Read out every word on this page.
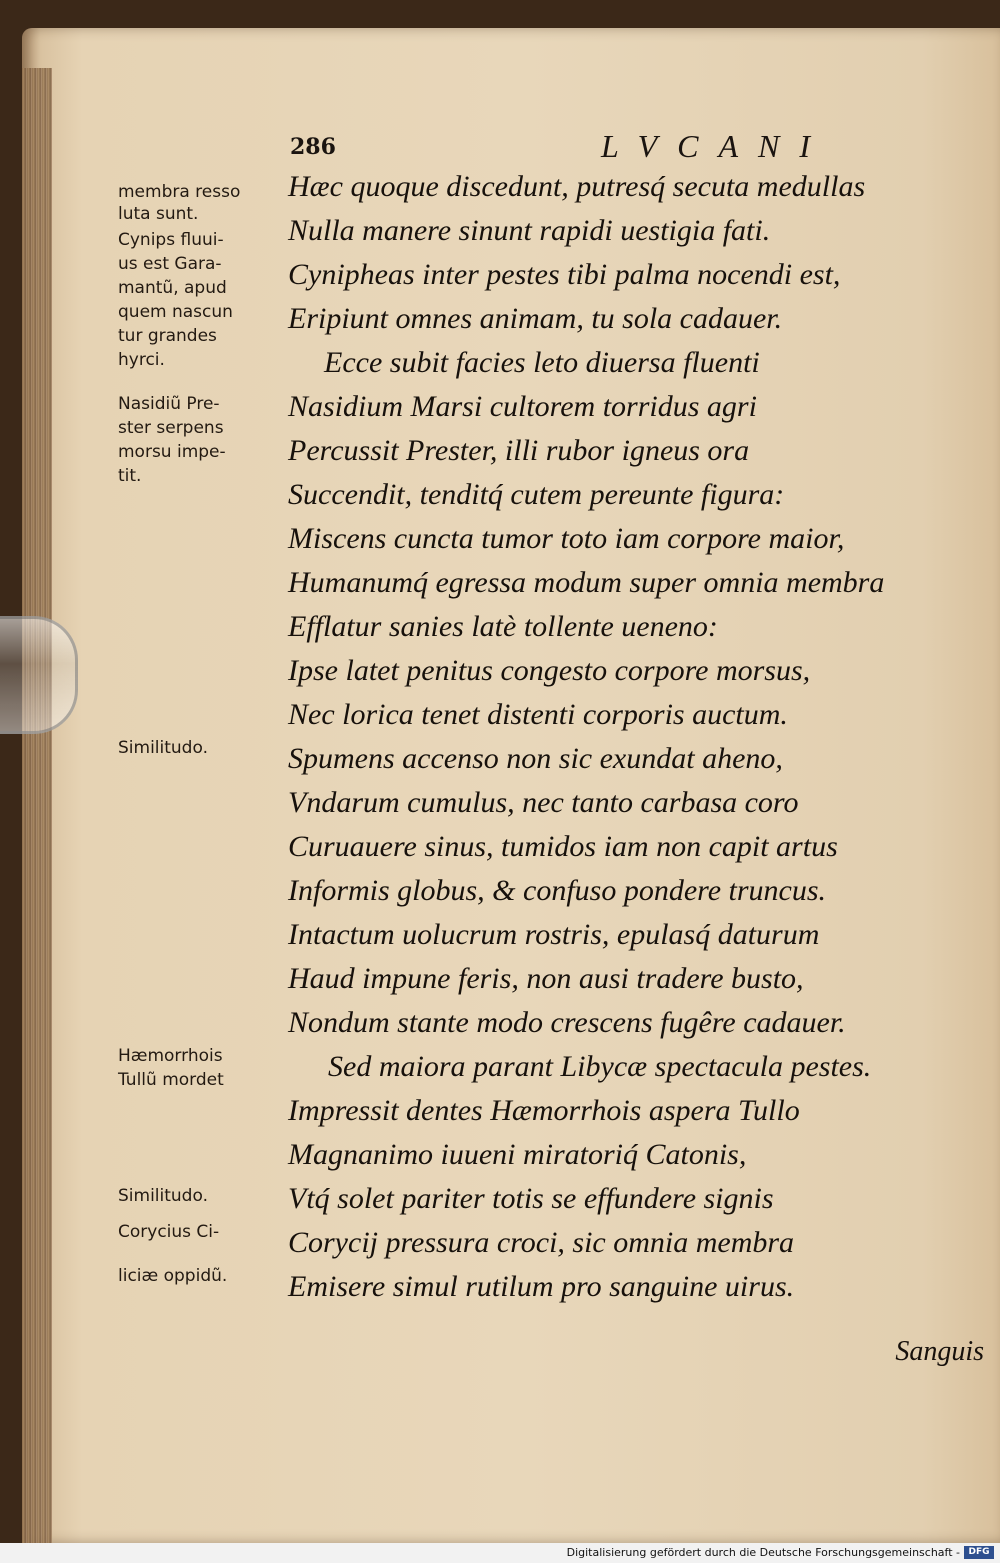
286	LVCANI
Hæc quoque discedunt, putresq́ secuta medullas
Nulla manere sinunt rapidi uestigia fati.
Cynipheas inter pestes tibi palma nocendi est,
Eripiunt omnes animam, tu sola cadauer.
Ecce subit facies leto diuersa fluenti
Nasidium Marsi cultorem torridus agri
Percussit Prester, illi rubor igneus ora
Succendit, tenditq́ cutem pereunte figura:
Miscens cuncta tumor toto iam corpore maior,
Humanumq́ egressa modum super omnia membra
Efflatur sanies latè tollente ueneno:
Ipse latet penitus congesto corpore morsus,
Nec lorica tenet distenti corporis auctum.
Spumens accenso non sic exundat aheno,
Vndarum cumulus, nec tanto carbasa coro
Curuauere sinus, tumidos iam non capit artus
Informis globus, & confuso pondere truncus.
Intactum uolucrum rostris, epulasq́ daturum
Haud impune feris, non ausi tradere busto,
Nondum stante modo crescens fugêre cadauer.
Sed maiora parant Libycæ spectacula pestes.
Impressit dentes Hæmorrhois aspera Tullo
Magnanimo iuueni miratoriq́ Catonis,
Vtq́ solet pariter totis se effundere signis
Corycij pressura croci, sic omnia membra
Emisere simul rutilum pro sanguine uirus.
membra resso
luta sunt.
Cynips fluui-
us est Gara-
mantũ, apud
quem nascun
tur grandes
hyrci.
Nasidiũ Pre-
ster serpens
morsu impe-
tit.
Similitudo.
Hæmorrhois
Tullũ mordet
Similitudo.
Corycius Ci-
liciæ oppidũ.
Sanguis
Digitalisierung gefördert durch die Deutsche Forschungsgemeinschaft - DFG
